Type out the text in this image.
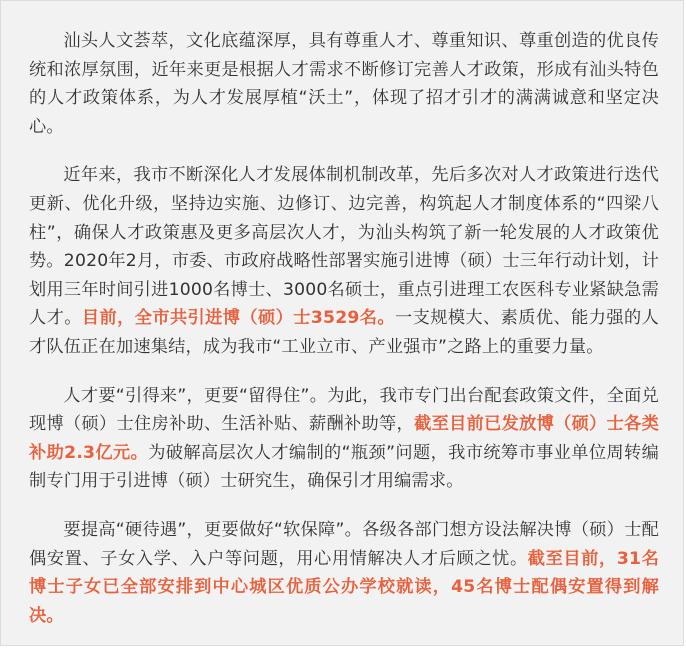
汕头人文荟萃，文化底蕴深厚，具有尊重人才、尊重知识、尊重创造的优良传统和浓厚氛围，近年来更是根据人才需求不断修订完善人才政策，形成有汕头特色的人才政策体系，为人才发展厚植“沃土”，体现了招才引才的满满诚意和坚定决心。

近年来，我市不断深化人才发展体制机制改革，先后多次对人才政策进行迭代更新、优化升级，坚持边实施、边修订、边完善，构筑起人才制度体系的“四梁八柱”，确保人才政策惠及更多高层次人才，为汕头构筑了新一轮发展的人才政策优势。2020年2月，市委、市政府战略性部署实施引进博（硕）士三年行动计划，计划用三年时间引进1000名博士、3000名硕士，重点引进理工农医科专业紧缺急需人才。目前，全市共引进博（硕）士3529名。一支规模大、素质优、能力强的人才队伍正在加速集结，成为我市“工业立市、产业强市”之路上的重要力量。

人才要“引得来”，更要“留得住”。为此，我市专门出台配套政策文件，全面兑现博（硕）士住房补助、生活补贴、薪酬补助等，截至目前已发放博（硕）士各类补助2.3亿元。为破解高层次人才编制的“瓶颈”问题，我市统筹市事业单位周转编制专门用于引进博（硕）士研究生，确保引才用编需求。

要提高“硬待遇”，更要做好“软保障”。各级各部门想方设法解决博（硕）士配偶安置、子女入学、入户等问题，用心用情解决人才后顾之忧。截至目前，31名博士子女已全部安排到中心城区优质公办学校就读，45名博士配偶安置得到解决。
